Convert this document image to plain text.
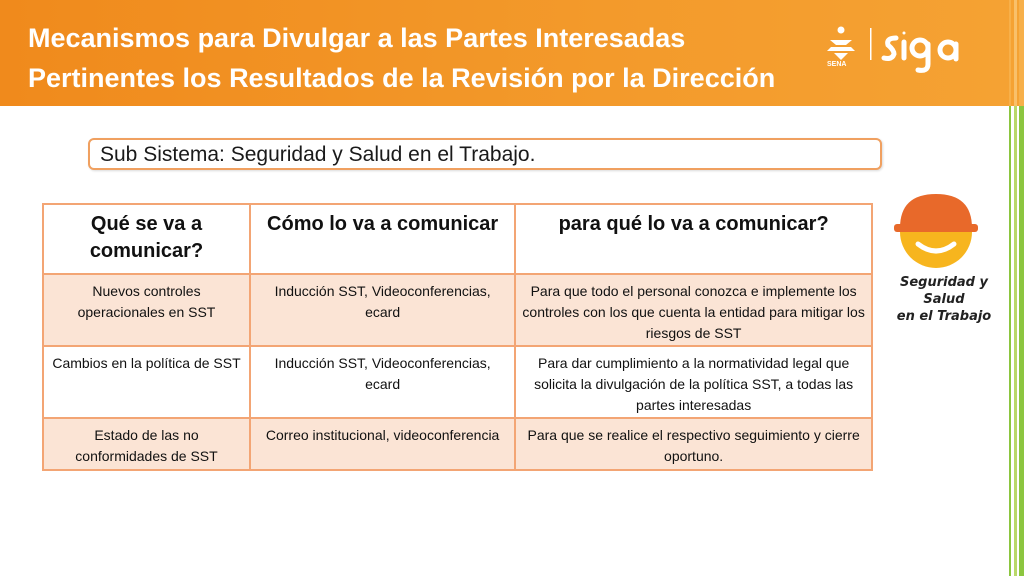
Mecanismos para Divulgar a las Partes Interesadas
Pertinentes los Resultados de la Revisión por la Dirección	SENA
Sub Sistema: Seguridad y Salud en el Trabajo.
Qué se va a comunicar?	Cómo lo va a comunicar	para qué lo va a comunicar?
Nuevos controles operacionales en SST	Inducción SST, Videoconferencias, ecard	Para que todo el personal conozca e implemente los controles con los que cuenta la entidad para mitigar los riesgos de SST
Cambios en la política de SST	Inducción SST, Videoconferencias, ecard	Para dar cumplimiento a la normatividad legal que solicita la divulgación de la política SST, a todas las partes interesadas
Estado de las no conformidades de SST	Correo institucional, videoconferencia	Para que se realice el respectivo seguimiento y cierre oportuno.
Seguridad y Salud
en el Trabajo
